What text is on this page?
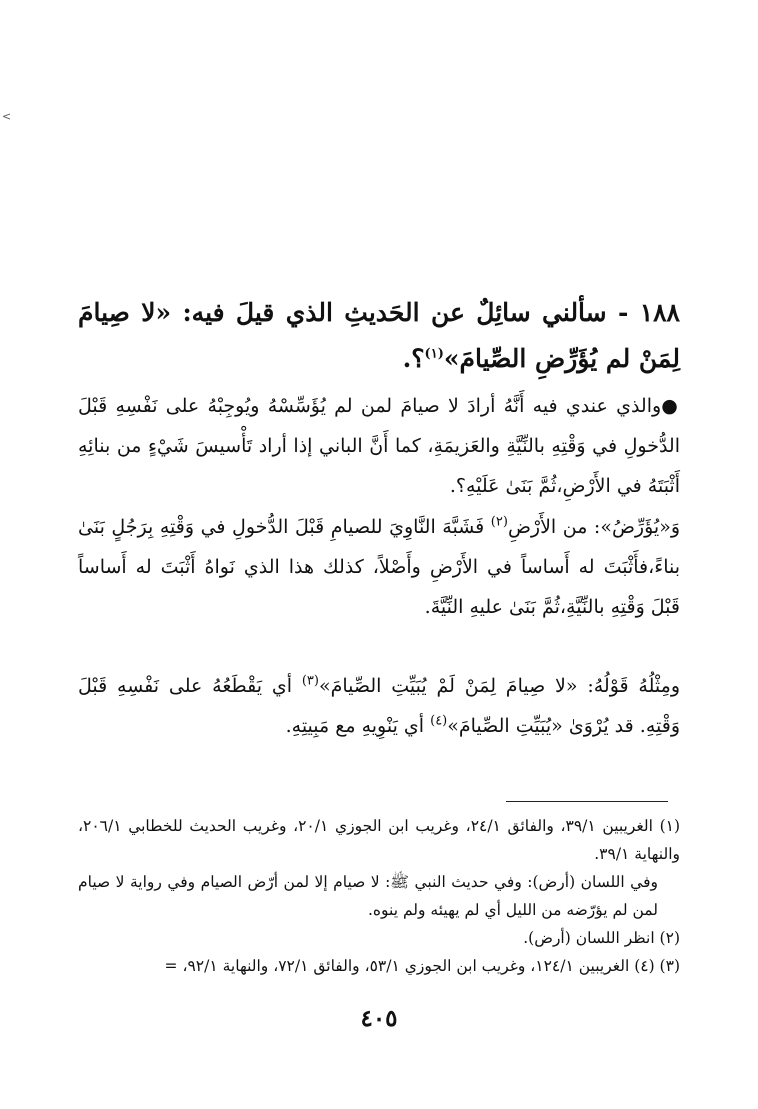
<
١٨٨ - سألني سائِلٌ عن الحَديثِ الذي قيلَ فيه: «لا صِيامَ لِمَنْ لم يُؤَرِّضِ الصِّيامَ»$^{(١)}$؟.
●والذي عندي فيه أَنَّهُ أرادَ لا صيامَ لمن لم يُؤَسِّسْهُ ويُوجِبْهُ على نَفْسِهِ قَبْلَ الدُّخولِ في وَقْتِهِ بالنِّيَّةِ والعَزيمَةِ، كما أَنَّ الباني إذا أراد تَأْسيسَ شَيْءٍ من بنائِهِ أَثْبَتَهُ في الأَرْضِ،ثُمَّ بَنَىٰ عَلَيْهِ؟.
وَ«يُؤَرِّضُ»: من الأَرْضِ$^{(٢)}$ فَشَبَّهَ النَّاوِيَ للصيامِ قَبْلَ الدُّخولِ في وَقْتِهِ بِرَجُلٍ بَنَىٰ بناءً،فأَثْبَتَ له أَساساً في الأَرْضِ وأَصْلاً، كذلك هذا الذي نَواهُ أَثْبَتَ له أَساساً قَبْلَ وَقْتِهِ بالنِّيَّةِ،ثُمَّ بَنَىٰ عليهِ النِّيَّةَ.
ومِثْلُهُ قَوْلُهُ: «لا صِيامَ لِمَنْ لَمْ يُبَيِّتِ الصِّيامَ»$^{(٣)}$ أي يَقْطَعُهُ على نَفْسِهِ قَبْلَ وَقْتِهِ. قد يُرْوَىٰ «يُبَيِّتِ الصِّيامَ»$^{(٤)}$ أي يَنْوِيهِ مع مَبِيتِهِ.

(١) الغريبين ٣٩/١، والفائق ٢٤/١، وغريب ابن الجوزي ٢٠/١، وغريب الحديث للخطابي ٢٠٦/١، والنهاية ٣٩/١.

وفي اللسان (أرض): وفي حديث النبي ﷺ: لا صيام إلا لمن أرّض الصيام وفي رواية لا صيام لمن لم يؤرّضه من الليل أي لم يهيئه ولم ينوه.

(٢) انظر اللسان (أرض).

(٣) (٤) الغريبين ١٢٤/١، وغريب ابن الجوزي ٥٣/١، والفائق ٧٢/١، والنهاية ٩٢/١، =

٤٠٥
